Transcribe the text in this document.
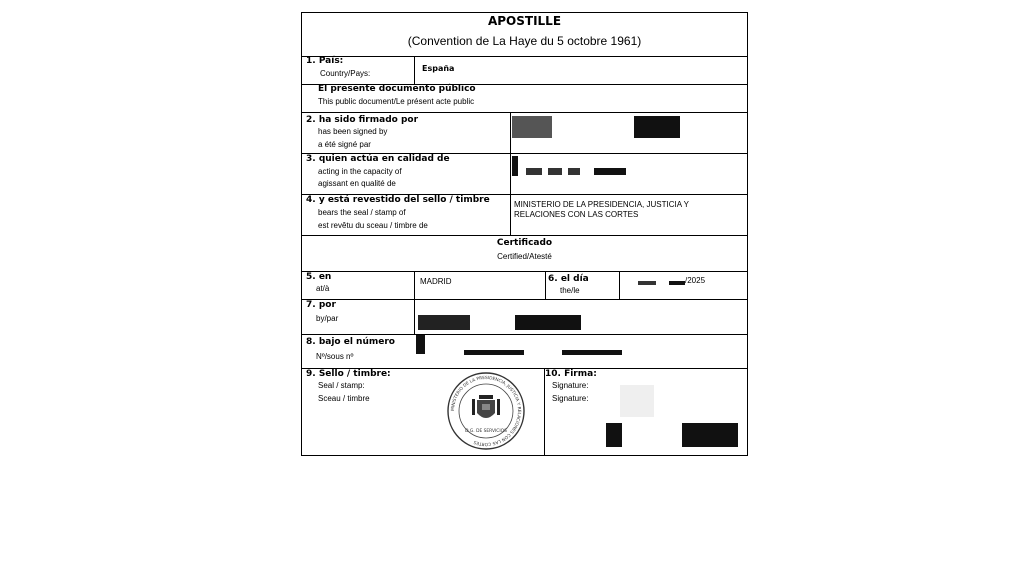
APOSTILLE
(Convention de La Haye du 5 octobre 1961)
1. País:
Country/Pays:
España
El presente documento público
This public document/Le présent acte public
2. ha sido firmado por
has been signed by
a été signé par
3. quien actúa en calidad de
acting in the capacity of
agissant en qualité de
4. y está revestido del sello / timbre
bears the seal / stamp of
est revêtu du sceau / timbre de
MINISTERIO DE LA PRESIDENCIA, JUSTICIA Y
RELACIONES CON LAS CORTES
Certificado
Certified/Atesté
5. en
at/à
MADRID	6. el día
the/le
/2025
7. por
by/par
8. bajo el número
Nº/sous nº
9. Sello / timbre:
Seal / stamp:
Sceau / timbre
MINISTERIO DE LA PRESIDENCIA, JUSTICIA Y RELACIONES CON LAS CORTES
D.G. DE SERVICIOS
10. Firma:
Signature:
Signature:
